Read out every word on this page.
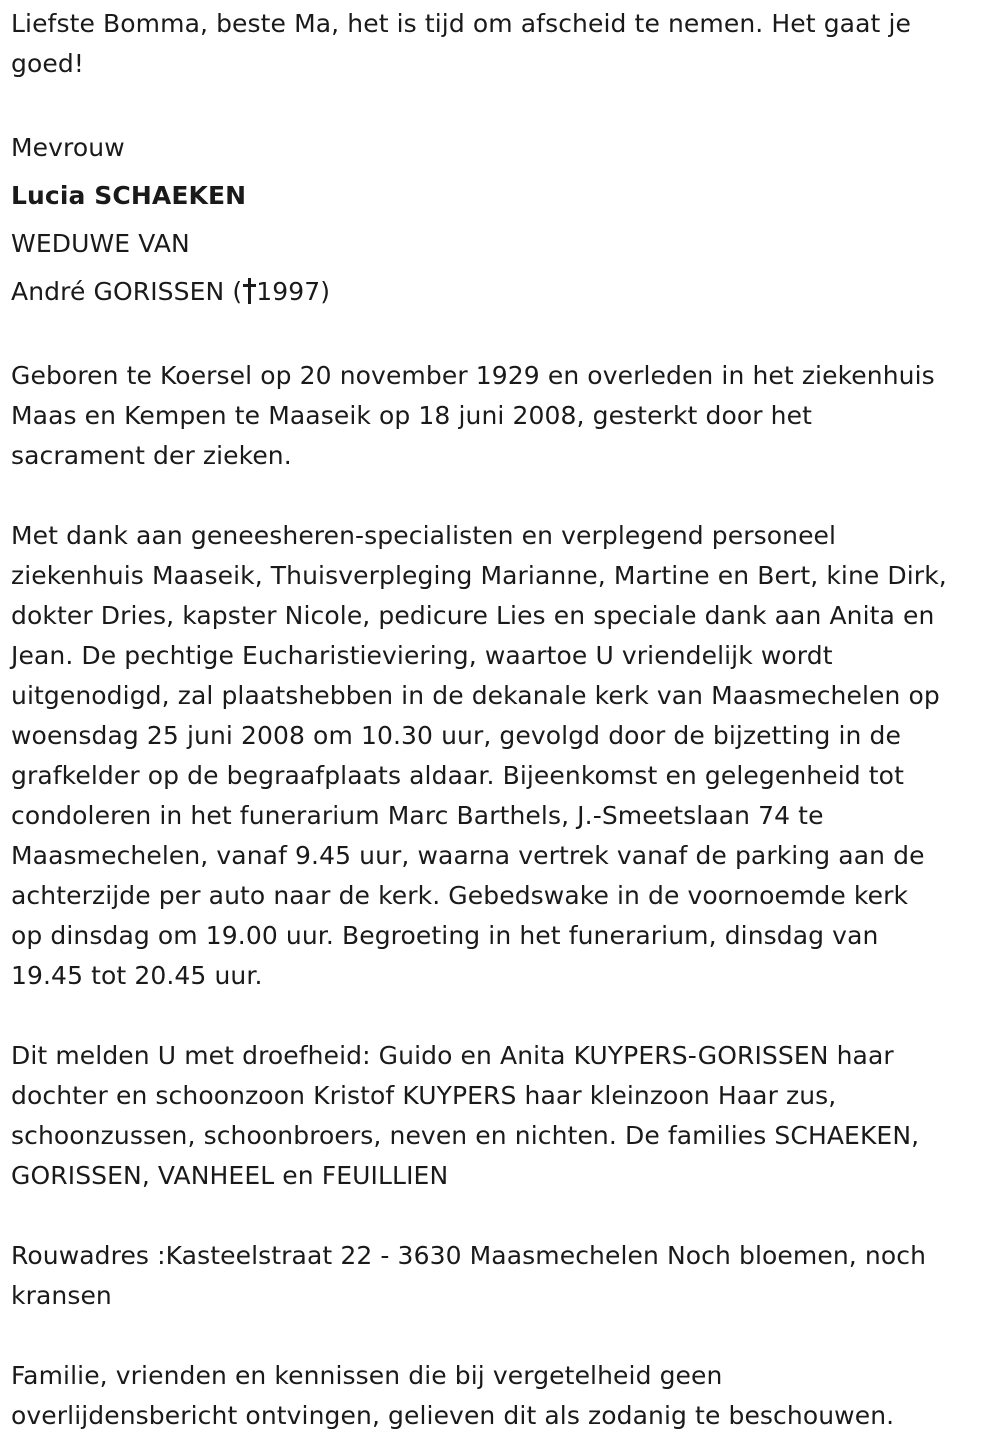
Liefste Bomma, beste Ma, het is tijd om afscheid te nemen. Het gaat je
goed!

Mevrouw

Lucia SCHAEKEN

WEDUWE VAN

André GORISSEN ( 1997)

Geboren te Koersel op 20 november 1929 en overleden in het ziekenhuis
Maas en Kempen te Maaseik op 18 juni 2008, gesterkt door het
sacrament der zieken.

Met dank aan geneesheren-specialisten en verplegend personeel
ziekenhuis Maaseik, Thuisverpleging Marianne, Martine en Bert, kine Dirk,
dokter Dries, kapster Nicole, pedicure Lies en speciale dank aan Anita en
Jean. De pechtige Eucharistieviering, waartoe U vriendelijk wordt
uitgenodigd, zal plaatshebben in de dekanale kerk van Maasmechelen op
woensdag 25 juni 2008 om 10.30 uur, gevolgd door de bijzetting in de
grafkelder op de begraafplaats aldaar. Bijeenkomst en gelegenheid tot
condoleren in het funerarium Marc Barthels, J.-Smeetslaan 74 te
Maasmechelen, vanaf 9.45 uur, waarna vertrek vanaf de parking aan de
achterzijde per auto naar de kerk. Gebedswake in de voornoemde kerk
op dinsdag om 19.00 uur. Begroeting in het funerarium, dinsdag van
19.45 tot 20.45 uur.

Dit melden U met droefheid: Guido en Anita KUYPERS-GORISSEN haar
dochter en schoonzoon Kristof KUYPERS haar kleinzoon Haar zus,
schoonzussen, schoonbroers, neven en nichten. De families SCHAEKEN,
GORISSEN, VANHEEL en FEUILLIEN

Rouwadres :Kasteelstraat 22 - 3630 Maasmechelen Noch bloemen, noch
kransen

Familie, vrienden en kennissen die bij vergetelheid geen
overlijdensbericht ontvingen, gelieven dit als zodanig te beschouwen.
